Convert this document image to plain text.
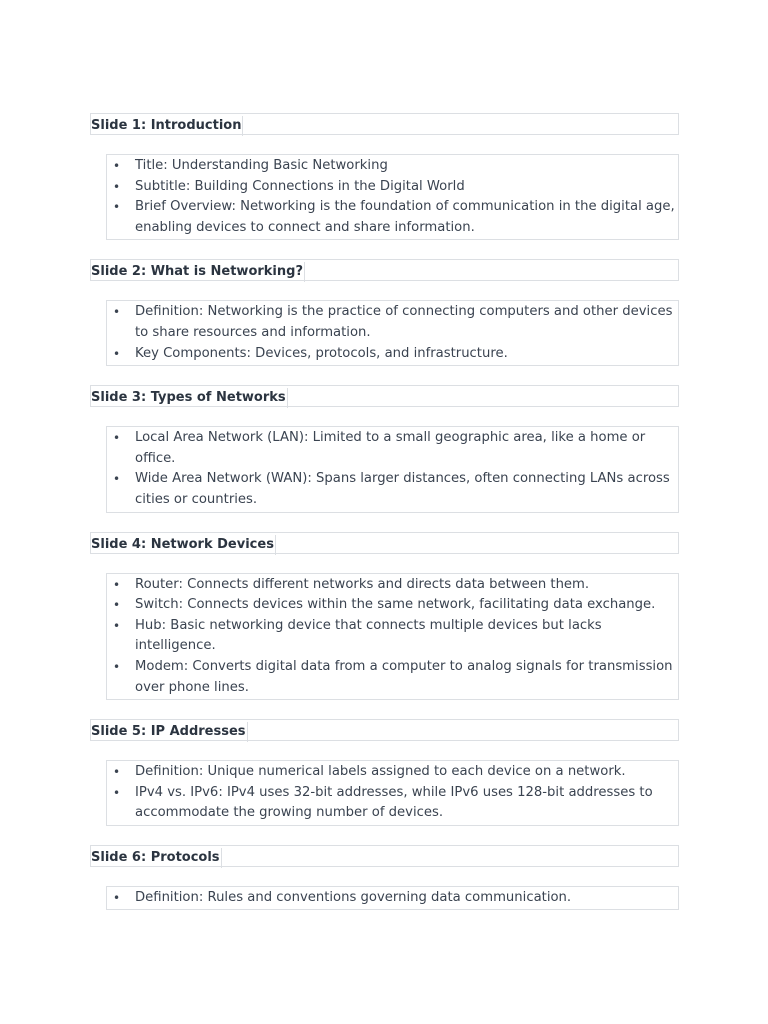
Slide 1: Introduction
• Title: Understanding Basic Networking
• Subtitle: Building Connections in the Digital World
• Brief Overview: Networking is the foundation of communication in the digital age, enabling devices to connect and share information.
Slide 2: What is Networking?
• Definition: Networking is the practice of connecting computers and other devices to share resources and information.
• Key Components: Devices, protocols, and infrastructure.
Slide 3: Types of Networks
• Local Area Network (LAN): Limited to a small geographic area, like a home or office.
• Wide Area Network (WAN): Spans larger distances, often connecting LANs across cities or countries.
Slide 4: Network Devices
• Router: Connects different networks and directs data between them.
• Switch: Connects devices within the same network, facilitating data exchange.
• Hub: Basic networking device that connects multiple devices but lacks intelligence.
• Modem: Converts digital data from a computer to analog signals for transmission over phone lines.
Slide 5: IP Addresses
• Definition: Unique numerical labels assigned to each device on a network.
• IPv4 vs. IPv6: IPv4 uses 32-bit addresses, while IPv6 uses 128-bit addresses to accommodate the growing number of devices.
Slide 6: Protocols
• Definition: Rules and conventions governing data communication.
